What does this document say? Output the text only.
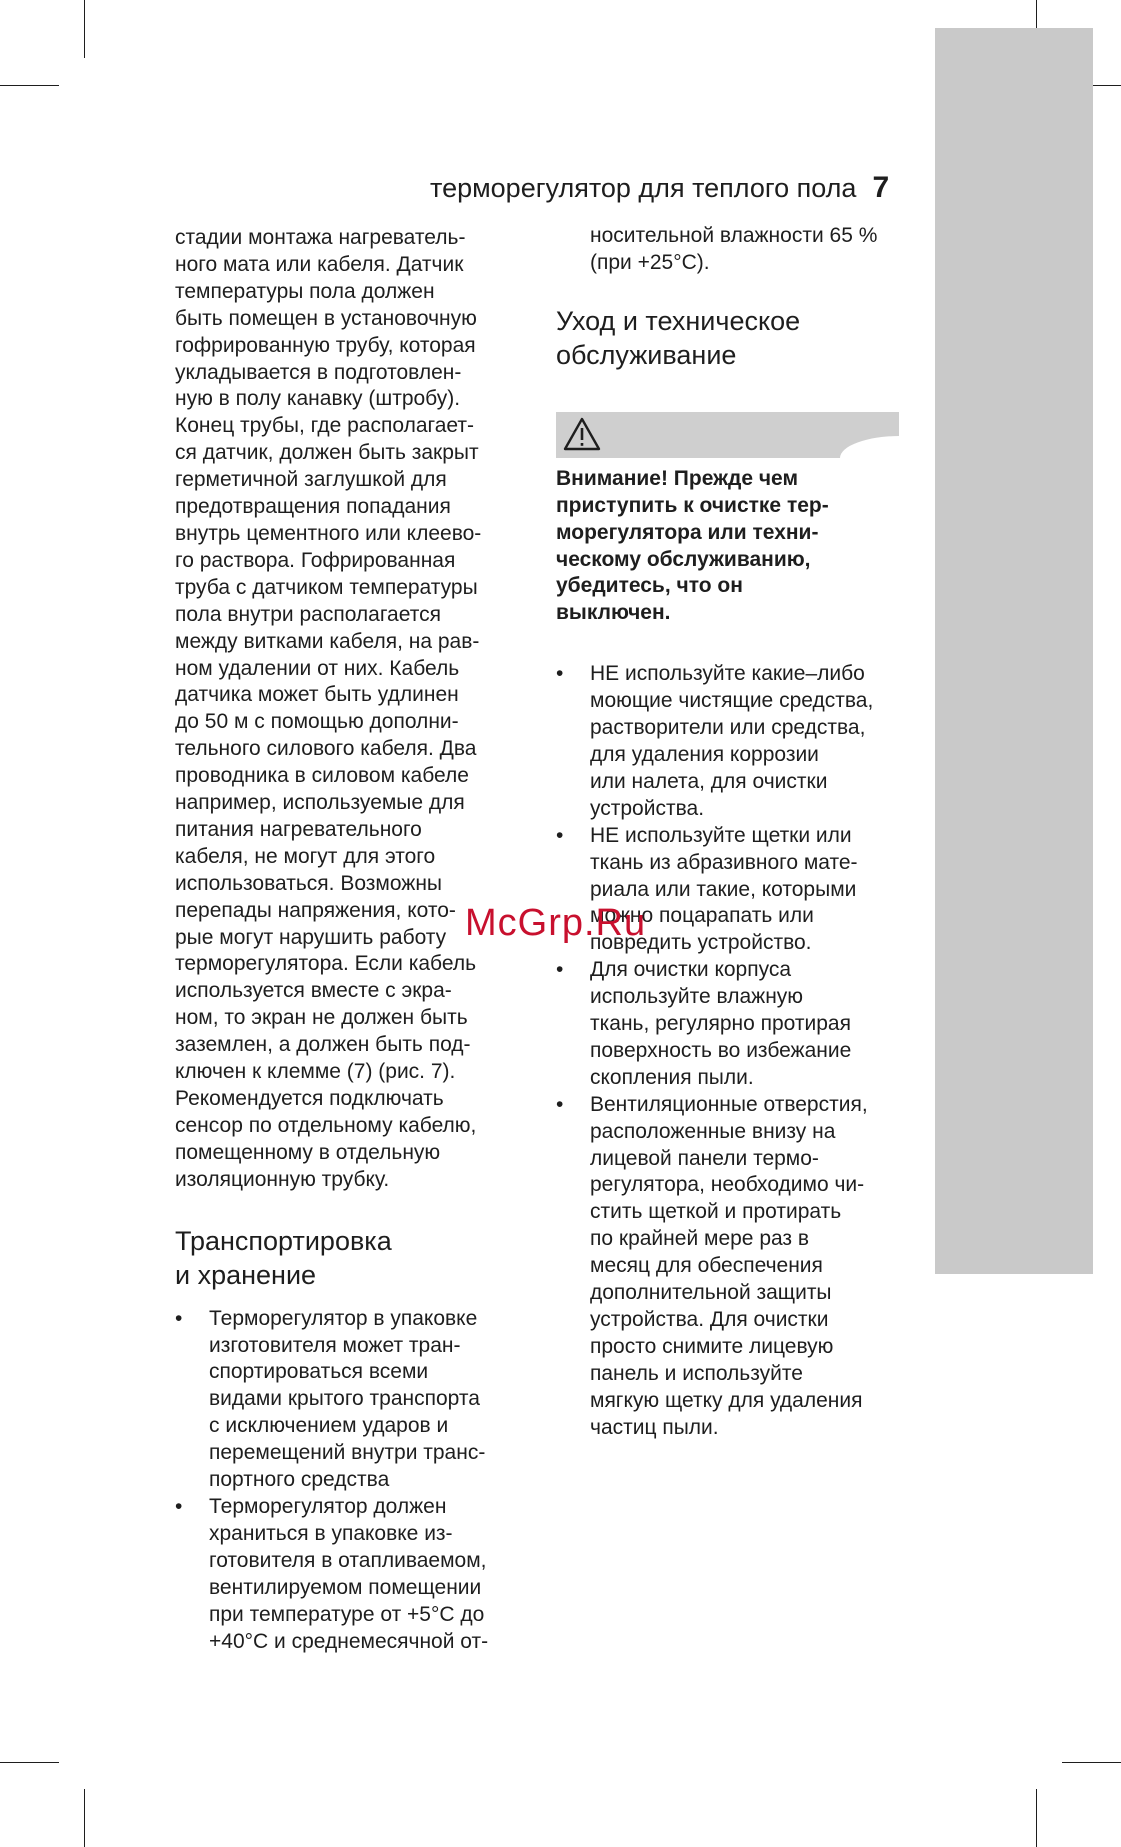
терморегулятор для теплого пола 7

стадии монтажа нагреватель-
ного мата или кабеля. Датчик
температуры пола должен
быть помещен в установочную
гофрированную трубу, которая
укладывается в подготовлен-
ную в полу канавку (штробу).
Конец трубы, где располагает-
ся датчик, должен быть закрыт
герметичной заглушкой для
предотвращения попадания
внутрь цементного или клеево-
го раствора. Гофрированная
труба с датчиком температуры
пола внутри располагается
между витками кабеля, на рав-
ном удалении от них. Кабель
датчика может быть удлинен
до 50 м с помощью дополни-
тельного силового кабеля. Два
проводника в силовом кабеле
например, используемые для
питания нагревательного
кабеля, не могут для этого
использоваться. Возможны
перепады напряжения, кото-
рые могут нарушить работу
терморегулятора. Если кабель
используется вместе с экра-
ном, то экран не должен быть
заземлен, а должен быть под-
ключен к клемме (7) (рис. 7).
Рекомендуется подключать
сенсор по отдельному кабелю,
помещенному в отдельную
изоляционную трубку.

Транспортировка
и хранение
•	Терморегулятор в упаковке
изготовителя может тран-
спортироваться всеми
видами крытого транспорта
с исключением ударов и
перемещений внутри транс-
портного средства
•	Терморегулятор должен
храниться в упаковке из-
готовителя в отапливаемом,
вентилируемом помещении
при температуре от +5°С до
+40°С и среднемесячной от-

носительной влажности 65 %
(при +25°С).

Уход и техническое
обслуживание

Внимание! Прежде чем
приступить к очистке тер-
морегулятора или техни-
ческому обслуживанию,
убедитесь, что он
выключен.

•	НЕ используйте какие–либо
моющие чистящие средства,
растворители или средства,
для удаления коррозии
или налета, для очистки
устройства.
•	НЕ используйте щетки или
ткань из абразивного мате-
риала или такие, которыми
можно поцарапать или
повредить устройство.
•	Для очистки корпуса
используйте влажную
ткань, регулярно протирая
поверхность во избежание
скопления пыли.
•	Вентиляционные отверстия,
расположенные внизу на
лицевой панели термо-
регулятора, необходимо чи-
стить щеткой и протирать
по крайней мере раз в
месяц для обеспечения
дополнительной защиты
устройства. Для очистки
просто снимите лицевую
панель и используйте
мягкую щетку для удаления
частиц пыли.
McGrp.Ru
